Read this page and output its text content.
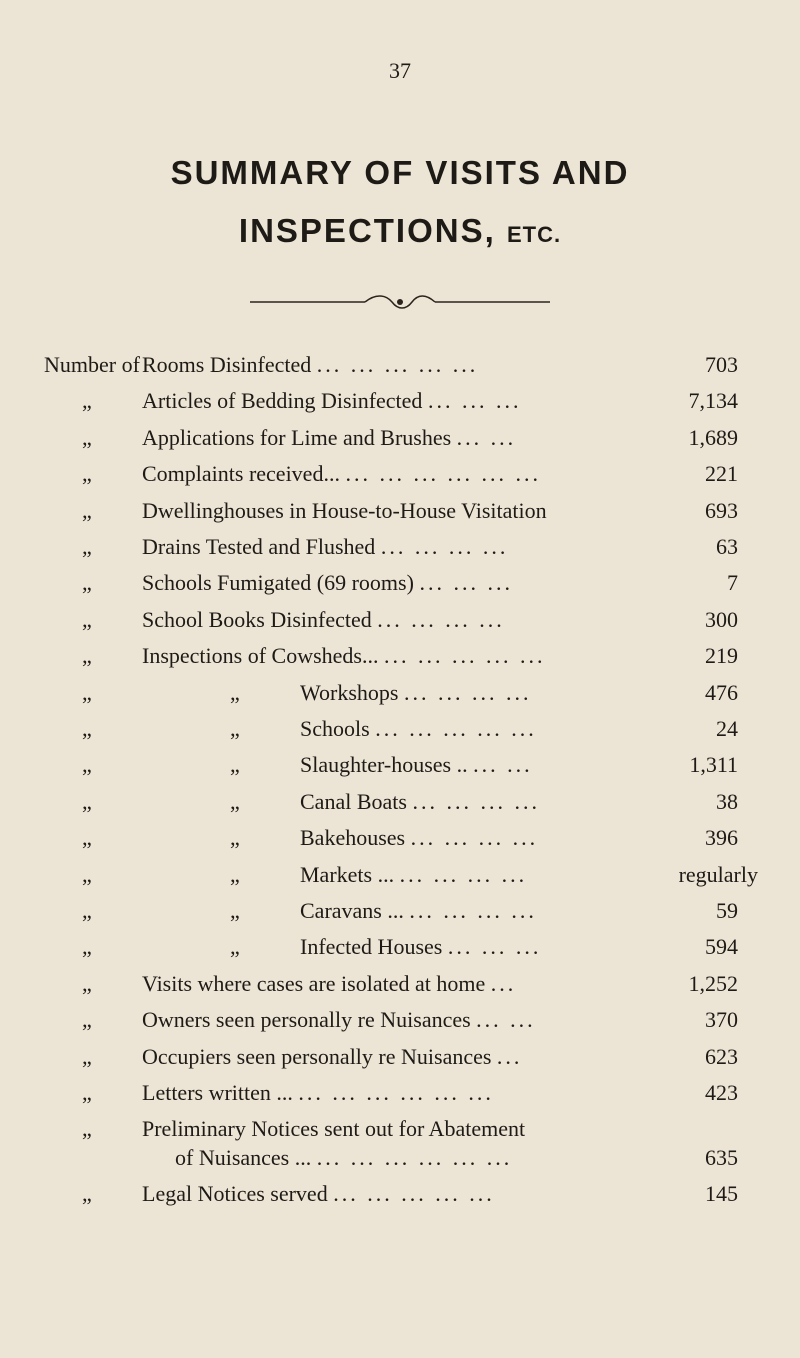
37
SUMMARY OF VISITS AND
INSPECTIONS, ETC.
Number of Rooms Disinfected ... ... ... ... ...	703
„ Articles of Bedding Disinfected ... ... ...	7,134
„ Applications for Lime and Brushes ... ...	1,689
„ Complaints received... ... ... ... ... ... ...	221
„ Dwellinghouses in House-to-House Visitation	693
„ Drains Tested and Flushed ... ... ... ...	63
„ Schools Fumigated (69 rooms) ... ... ...	7
„ School Books Disinfected ... ... ... ...	300
„ Inspections of Cowsheds... ... ... ... ... ...	219
„	„	Workshops ... ... ... ...	476
„	„	Schools ... ... ... ... ...	24
„	„	Slaughter-houses .. ... ...	1,311
„	„	Canal Boats ... ... ... ...	38
„	„	Bakehouses ... ... ... ...	396
„	„	Markets ... ... ... ... ...	regularly
„	„	Caravans ... ... ... ... ...	59
„	„	Infected Houses ... ... ...	594
„ Visits where cases are isolated at home ...	1,252
„ Owners seen personally re Nuisances ... ...	370
„ Occupiers seen personally re Nuisances ...	623
„ Letters written ... ... ... ... ... ... ...	423
„ Preliminary Notices sent out for Abatement
of Nuisances ... ... ... ... ... ... ...	635
„ Legal Notices served ... ... ... ... ...	145
